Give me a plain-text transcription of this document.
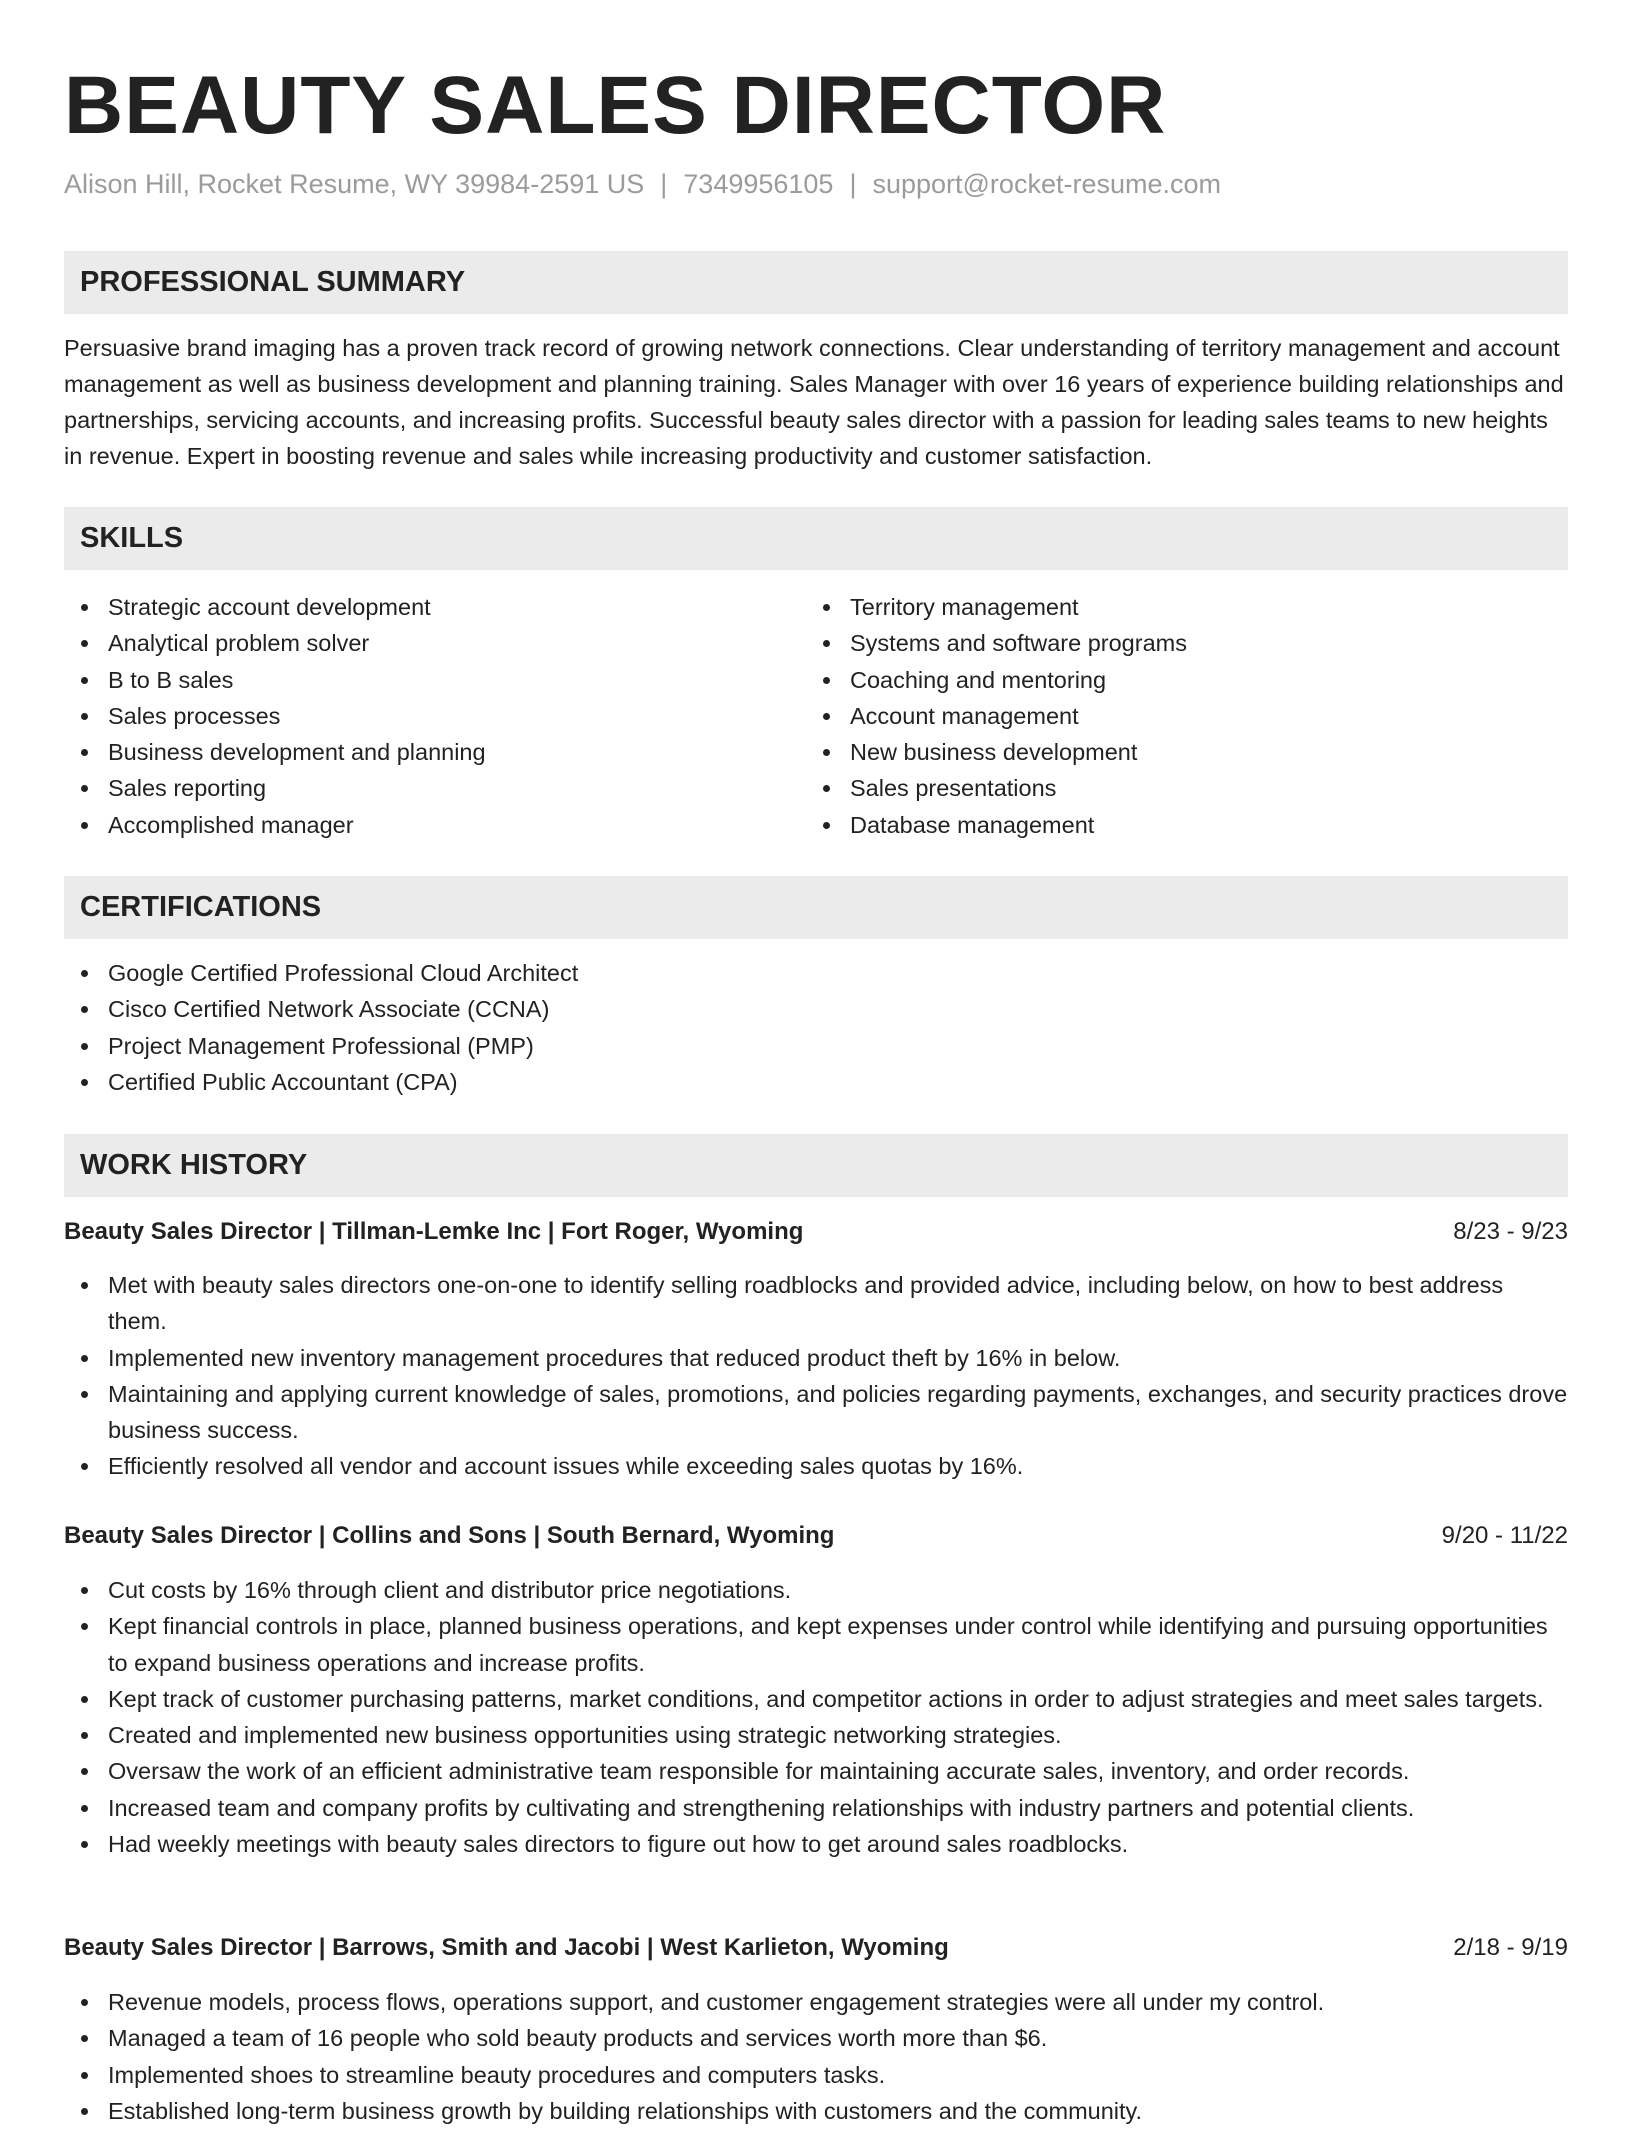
BEAUTY SALES DIRECTOR
Alison Hill, Rocket Resume, WY 39984-2591 US | 7349956105 | support@rocket-resume.com
PROFESSIONAL SUMMARY
Persuasive brand imaging has a proven track record of growing network connections. Clear understanding of territory management and account management as well as business development and planning training. Sales Manager with over 16 years of experience building relationships and partnerships, servicing accounts, and increasing profits. Successful beauty sales director with a passion for leading sales teams to new heights in revenue. Expert in boosting revenue and sales while increasing productivity and customer satisfaction.
SKILLS
Strategic account development
Analytical problem solver
B to B sales
Sales processes
Business development and planning
Sales reporting
Accomplished manager
Territory management
Systems and software programs
Coaching and mentoring
Account management
New business development
Sales presentations
Database management
CERTIFICATIONS
Google Certified Professional Cloud Architect
Cisco Certified Network Associate (CCNA)
Project Management Professional (PMP)
Certified Public Accountant (CPA)
WORK HISTORY
Beauty Sales Director | Tillman-Lemke Inc | Fort Roger, Wyoming	8/23 - 9/23
Met with beauty sales directors one-on-one to identify selling roadblocks and provided advice, including below, on how to best address them.
Implemented new inventory management procedures that reduced product theft by 16% in below.
Maintaining and applying current knowledge of sales, promotions, and policies regarding payments, exchanges, and security practices drove business success.
Efficiently resolved all vendor and account issues while exceeding sales quotas by 16%.
Beauty Sales Director | Collins and Sons | South Bernard, Wyoming	9/20 - 11/22
Cut costs by 16% through client and distributor price negotiations.
Kept financial controls in place, planned business operations, and kept expenses under control while identifying and pursuing opportunities to expand business operations and increase profits.
Kept track of customer purchasing patterns, market conditions, and competitor actions in order to adjust strategies and meet sales targets.
Created and implemented new business opportunities using strategic networking strategies.
Oversaw the work of an efficient administrative team responsible for maintaining accurate sales, inventory, and order records.
Increased team and company profits by cultivating and strengthening relationships with industry partners and potential clients.
Had weekly meetings with beauty sales directors to figure out how to get around sales roadblocks.
Beauty Sales Director | Barrows, Smith and Jacobi | West Karlieton, Wyoming	2/18 - 9/19
Revenue models, process flows, operations support, and customer engagement strategies were all under my control.
Managed a team of 16 people who sold beauty products and services worth more than $6.
Implemented shoes to streamline beauty procedures and computers tasks.
Established long-term business growth by building relationships with customers and the community.
